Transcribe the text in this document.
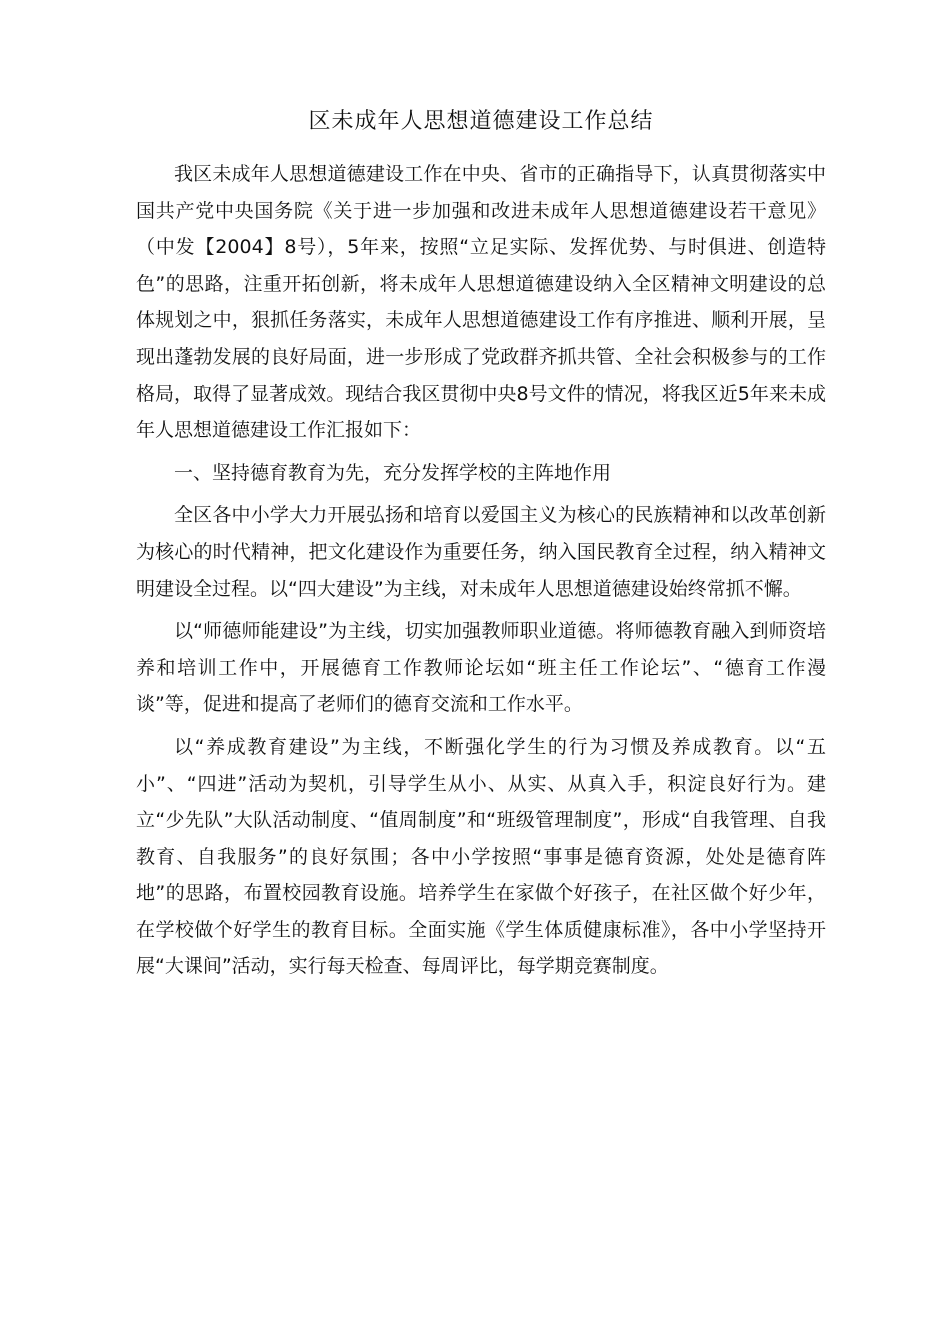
区未成年人思想道德建设工作总结

我区未成年人思想道德建设工作在中央、省市的正确指导下，认真贯彻落实中国共产党中央国务院《关于进一步加强和改进未成年人思想道德建设若干意见》（中发【2004】8号），5年来，按照“立足实际、发挥优势、与时俱进、创造特色”的思路，注重开拓创新，将未成年人思想道德建设纳入全区精神文明建设的总体规划之中，狠抓任务落实，未成年人思想道德建设工作有序推进、顺利开展，呈现出蓬勃发展的良好局面，进一步形成了党政群齐抓共管、全社会积极参与的工作格局，取得了显著成效。现结合我区贯彻中央8号文件的情况，将我区近5年来未成年人思想道德建设工作汇报如下：

一、坚持德育教育为先，充分发挥学校的主阵地作用

全区各中小学大力开展弘扬和培育以爱国主义为核心的民族精神和以改革创新为核心的时代精神，把文化建设作为重要任务，纳入国民教育全过程，纳入精神文明建设全过程。以“四大建设”为主线，对未成年人思想道德建设始终常抓不懈。

以“师德师能建设”为主线，切实加强教师职业道德。将师德教育融入到师资培养和培训工作中，开展德育工作教师论坛如“班主任工作论坛”、“德育工作漫谈”等，促进和提高了老师们的德育交流和工作水平。

以“养成教育建设”为主线，不断强化学生的行为习惯及养成教育。以“五小”、“四进”活动为契机，引导学生从小、从实、从真入手，积淀良好行为。建立“少先队”大队活动制度、“值周制度”和“班级管理制度”，形成“自我管理、自我教育、自我服务”的良好氛围；各中小学按照“事事是德育资源，处处是德育阵地”的思路，布置校园教育设施。培养学生在家做个好孩子，在社区做个好少年，在学校做个好学生的教育目标。全面实施《学生体质健康标准》，各中小学坚持开展“大课间”活动，实行每天检查、每周评比，每学期竞赛制度。
